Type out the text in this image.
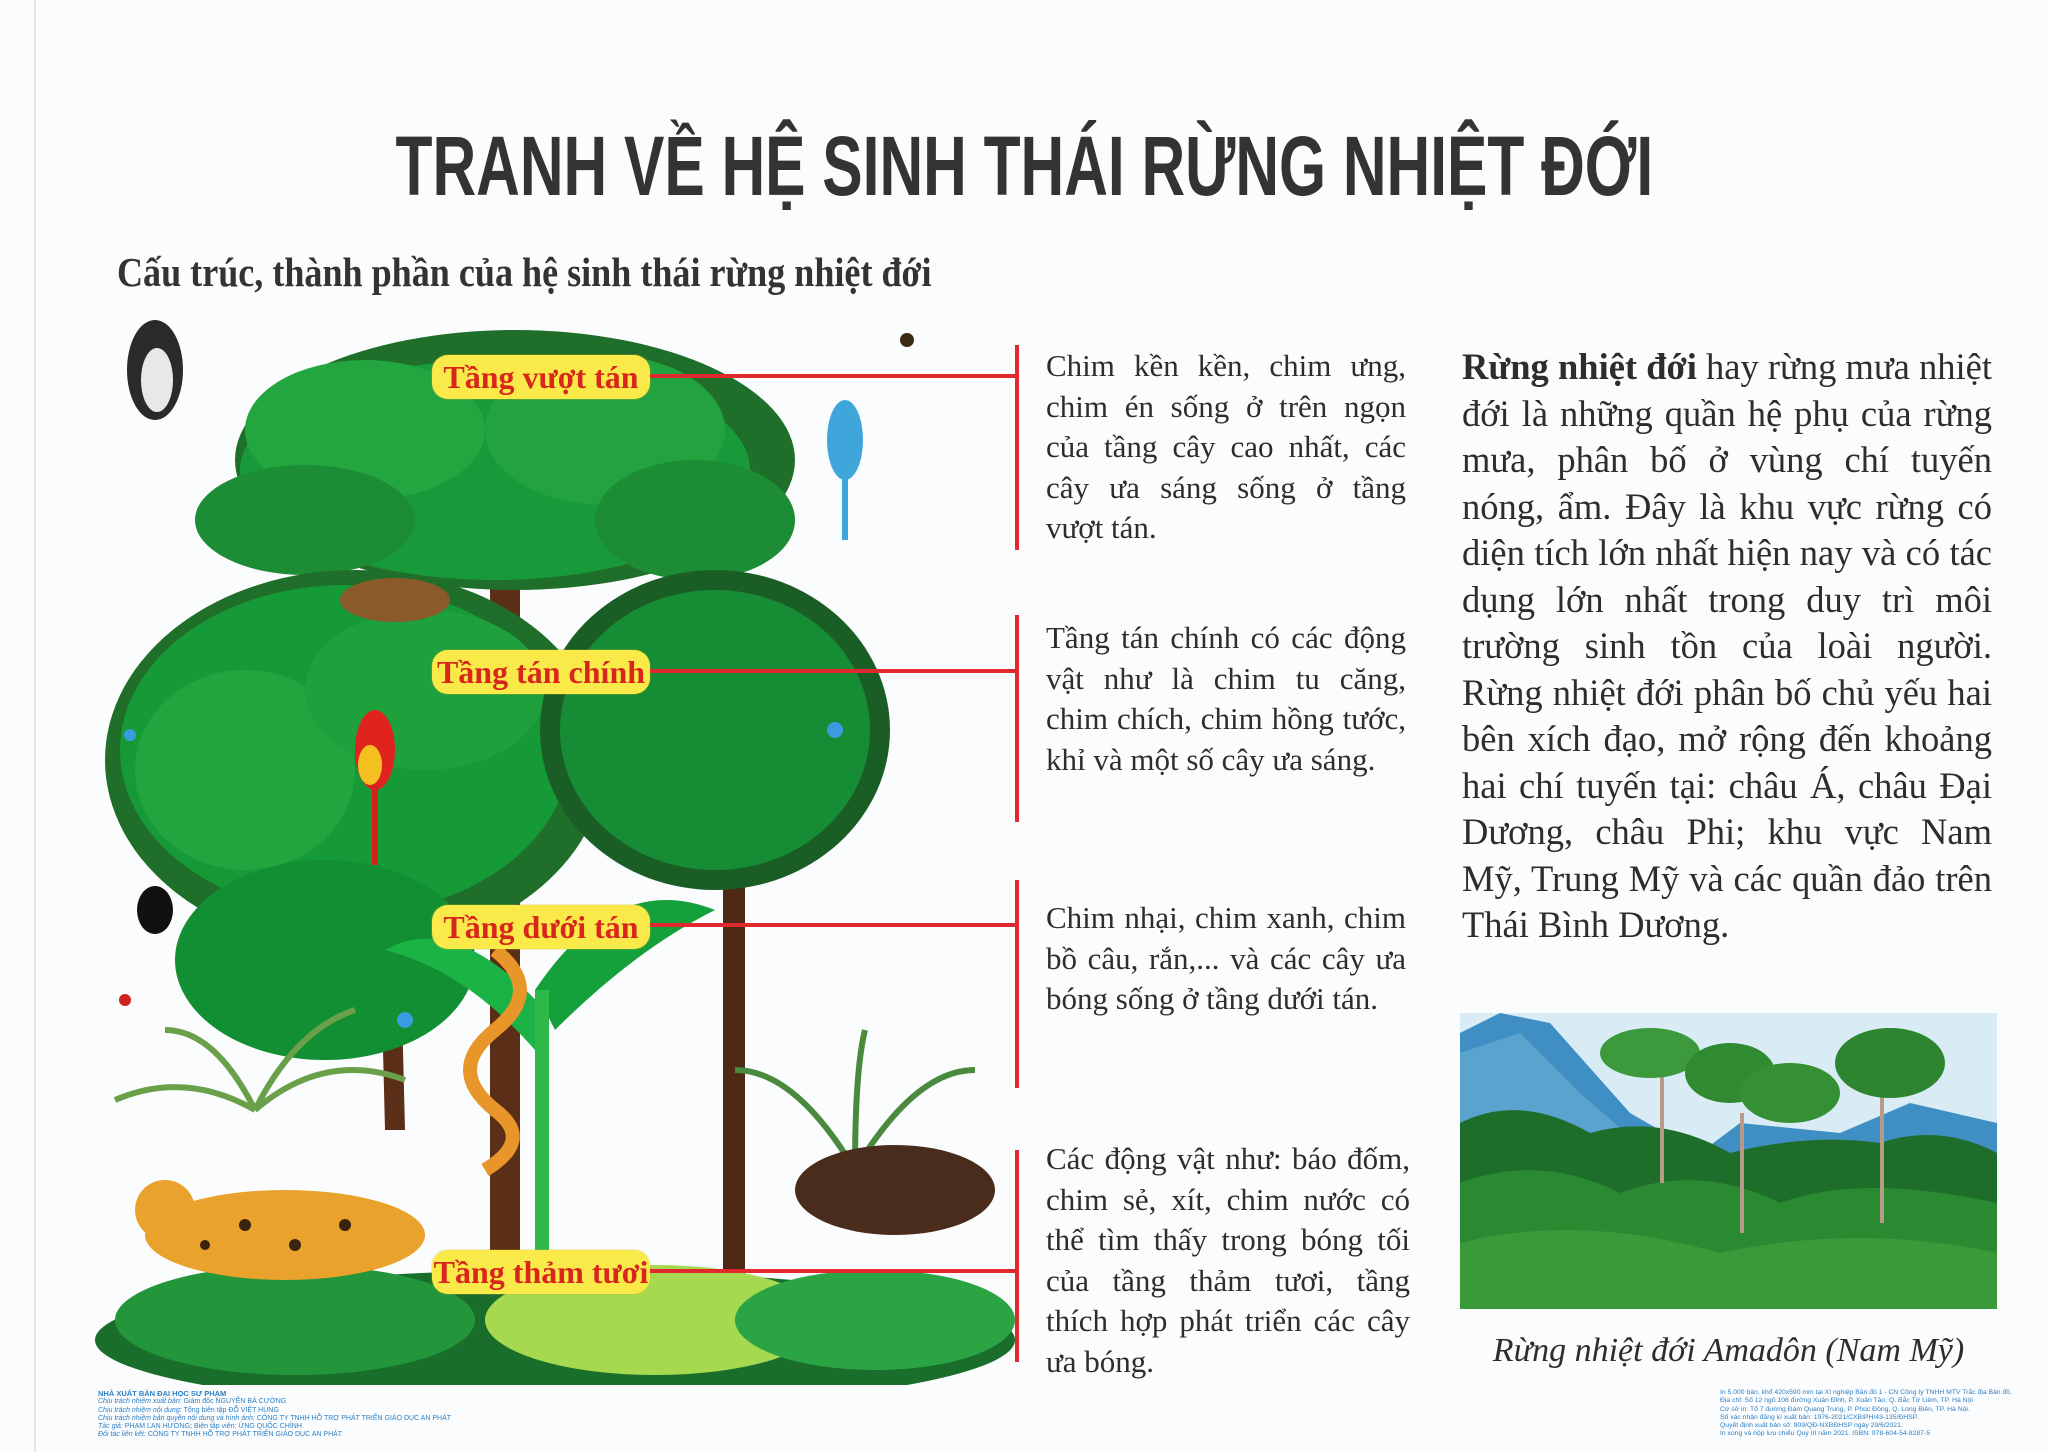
TRANH VỀ HỆ SINH THÁI RỪNG NHIỆT ĐỚI
Cấu trúc, thành phần của hệ sinh thái rừng nhiệt đới
Tầng vượt tán	Chim kền kền, chim ưng, chim én sống ở trên ngọn của tầng cây cao nhất, các cây ưa sáng sống ở tầng vượt tán.
Tầng tán chính
Tầng tán chính có các động vật như là chim tu căng, chim chích, chim hồng tước, khỉ và một số cây ưa sáng.
Tầng dưới tán	Chim nhại, chim xanh, chim bồ câu, rắn,... và các cây ưa bóng sống ở tầng dưới tán.
Tầng thảm tươi
Các động vật như: báo đốm, chim sẻ, xít, chim nước có thể tìm thấy trong bóng tối của tầng thảm tươi, tầng thích hợp phát triển các cây ưa bóng.

Rừng nhiệt đới hay rừng mưa nhiệt đới là những quần hệ phụ của rừng mưa, phân bố ở vùng chí tuyến nóng, ẩm. Đây là khu vực rừng có diện tích lớn nhất hiện nay và có tác dụng lớn nhất trong duy trì môi trường sinh tồn của loài người. Rừng nhiệt đới phân bố chủ yếu hai bên xích đạo, mở rộng đến khoảng hai chí tuyến tại: châu Á, châu Đại Dương, châu Phi; khu vực Nam Mỹ, Trung Mỹ và các quần đảo trên Thái Bình Dương.

Rừng nhiệt đới Amadôn (Nam Mỹ)
NHÀ XUẤT BẢN ĐẠI HỌC SƯ PHẠM
Chịu trách nhiệm xuất bản: Giám đốc NGUYỄN BÁ CƯỜNG
Chịu trách nhiệm nội dung: Tổng biên tập ĐỖ VIỆT HÙNG
Chịu trách nhiệm bản quyền nội dung và hình ảnh: CÔNG TY TNHH HỖ TRỢ PHÁT TRIỂN GIÁO DỤC AN PHÁT
Tác giả: PHẠM LAN HƯƠNG; Biên tập viên: ỨNG QUỐC CHỈNH
Đối tác liên kết: CÔNG TY TNHH HỖ TRỢ PHÁT TRIỂN GIÁO DỤC AN PHÁT
In 5.000 bản, khổ 420x590 mm tại Xí nghiệp Bản đồ 1 - CN Công ty TNHH MTV Trắc địa Bản đồ.
Địa chỉ: Số 12 ngõ 108 đường Xuân Đỉnh, P. Xuân Tảo, Q. Bắc Từ Liêm, TP. Hà Nội
Cơ sở in: Tổ 7 đường Đàm Quang Trung, P. Phúc Đồng, Q. Long Biên, TP. Hà Nội.
Số xác nhận đăng kí xuất bản: 1976-2021/CXBIPH/43-135/ĐHSP.
Quyết định xuất bản số: 909/QĐ-NXBĐHSP ngày 29/6/2021.
In xong và nộp lưu chiểu Quý III năm 2021. ISBN: 978-604-54-8287-5
